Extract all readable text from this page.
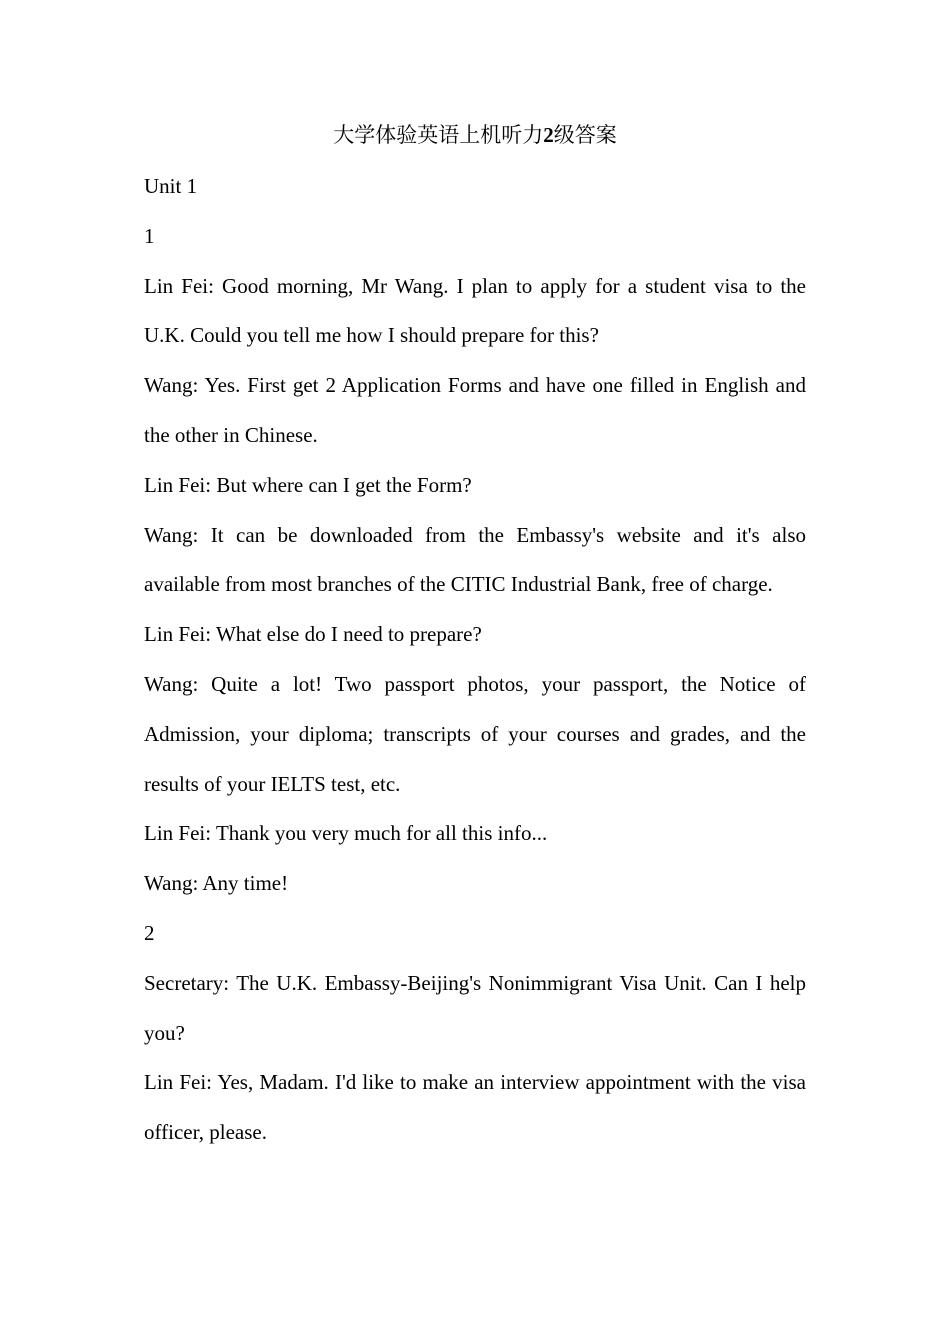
大学体验英语上机听力2级答案

Unit 1

1

Lin Fei: Good morning, Mr Wang. I plan to apply for a student visa to the U.K. Could you tell me how I should prepare for this?

Wang: Yes. First get 2 Application Forms and have one filled in English and the other in Chinese.

Lin Fei: But where can I get the Form?

Wang: It can be downloaded from the Embassy's website and it's also available from most branches of the CITIC Industrial Bank, free of charge.

Lin Fei: What else do I need to prepare?

Wang: Quite a lot! Two passport photos, your passport, the Notice of Admission, your diploma; transcripts of your courses and grades, and the results of your IELTS test, etc.

Lin Fei: Thank you very much for all this info...

Wang: Any time!

2

Secretary: The U.K. Embassy-Beijing's Nonimmigrant Visa Unit. Can I help you?

Lin Fei: Yes, Madam. I'd like to make an interview appointment with the visa officer, please.
